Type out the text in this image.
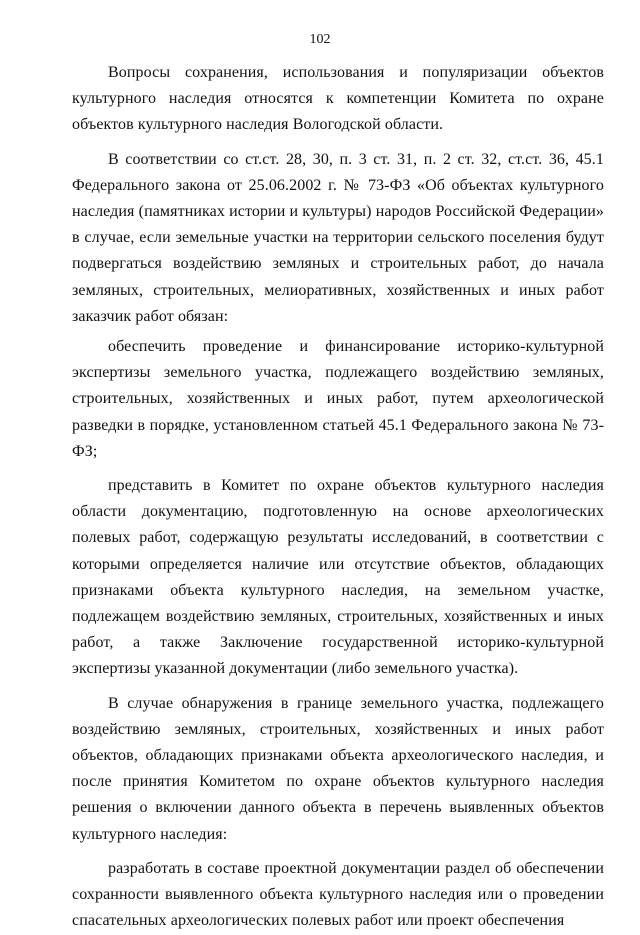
102

Вопросы сохранения, использования и популяризации объектов культурного наследия относятся к компетенции Комитета по охране объектов культурного наследия Вологодской области.

В соответствии со ст.ст. 28, 30, п. 3 ст. 31, п. 2 ст. 32, ст.ст. 36, 45.1 Федерального закона от 25.06.2002 г. № 73-ФЗ «Об объектах культурного наследия (памятниках истории и культуры) народов Российской Федерации» в случае, если земельные участки на территории сельского поселения будут подвергаться воздействию земляных и строительных работ, до начала земляных, строительных, мелиоративных, хозяйственных и иных работ заказчик работ обязан:

обеспечить проведение и финансирование историко-культурной экспертизы земельного участка, подлежащего воздействию земляных, строительных, хозяйственных и иных работ, путем археологической разведки в порядке, установленном статьей 45.1 Федерального закона № 73-ФЗ;

представить в Комитет по охране объектов культурного наследия области документацию, подготовленную на основе археологических полевых работ, содержащую результаты исследований, в соответствии с которыми определяется наличие или отсутствие объектов, обладающих признаками объекта культурного наследия, на земельном участке, подлежащем воздействию земляных, строительных, хозяйственных и иных работ, а также Заключение государственной историко-культурной экспертизы указанной документации (либо земельного участка).

В случае обнаружения в границе земельного участка, подлежащего воздействию земляных, строительных, хозяйственных и иных работ объектов, обладающих признаками объекта археологического наследия, и после принятия Комитетом по охране объектов культурного наследия решения о включении данного объекта в перечень выявленных объектов культурного наследия:

разработать в составе проектной документации раздел об обеспечении сохранности выявленного объекта культурного наследия или о проведении спасательных археологических полевых работ или проект обеспечения
